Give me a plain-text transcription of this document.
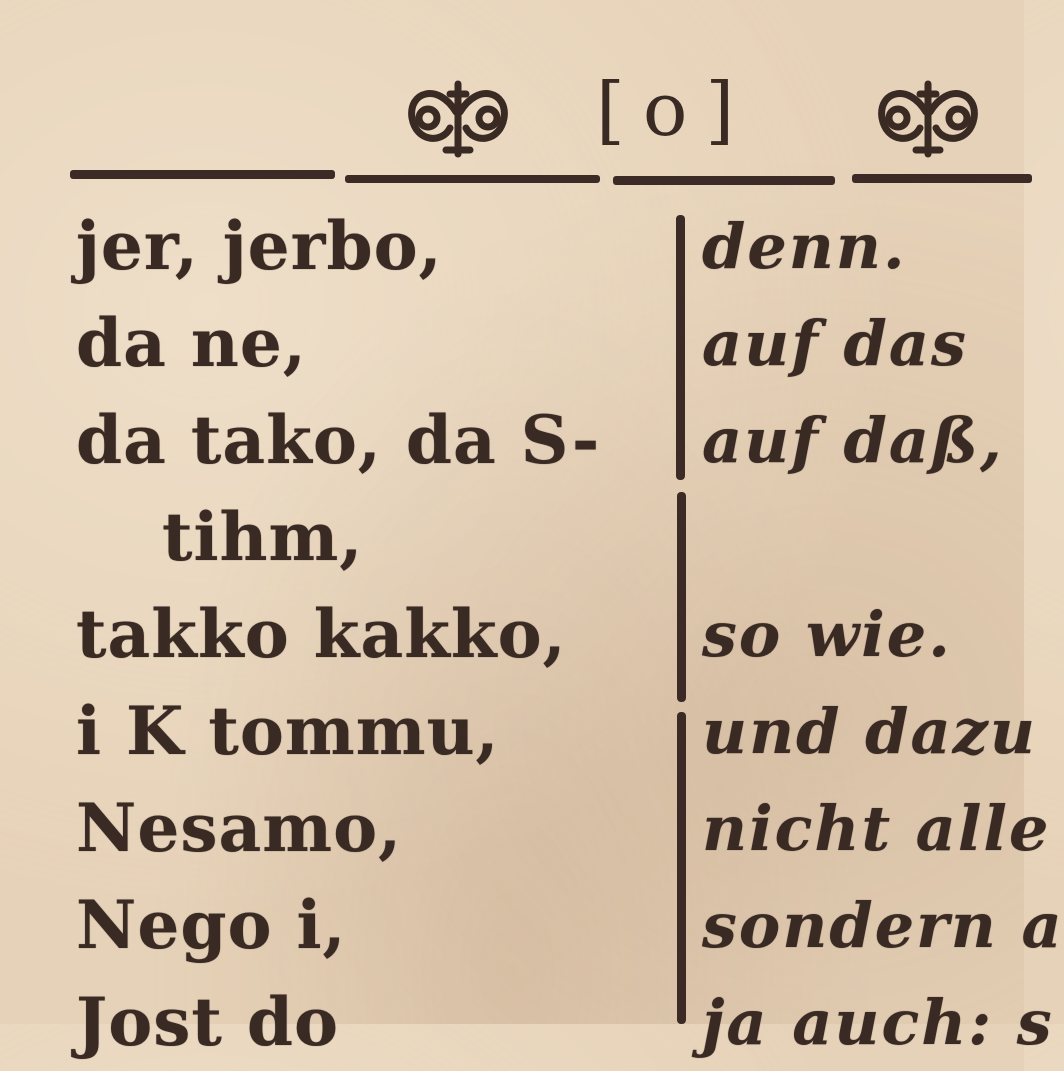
[o]
jer, jerbo,
da ne,
da tako, da S-
tihm,
takko kakko,
i K tommu,
Nesamo,
Nego i,
Jost do
denn.
auf das
auf daß,
so wie.
und dazu
nicht alle
sondern a
ja auch: s
